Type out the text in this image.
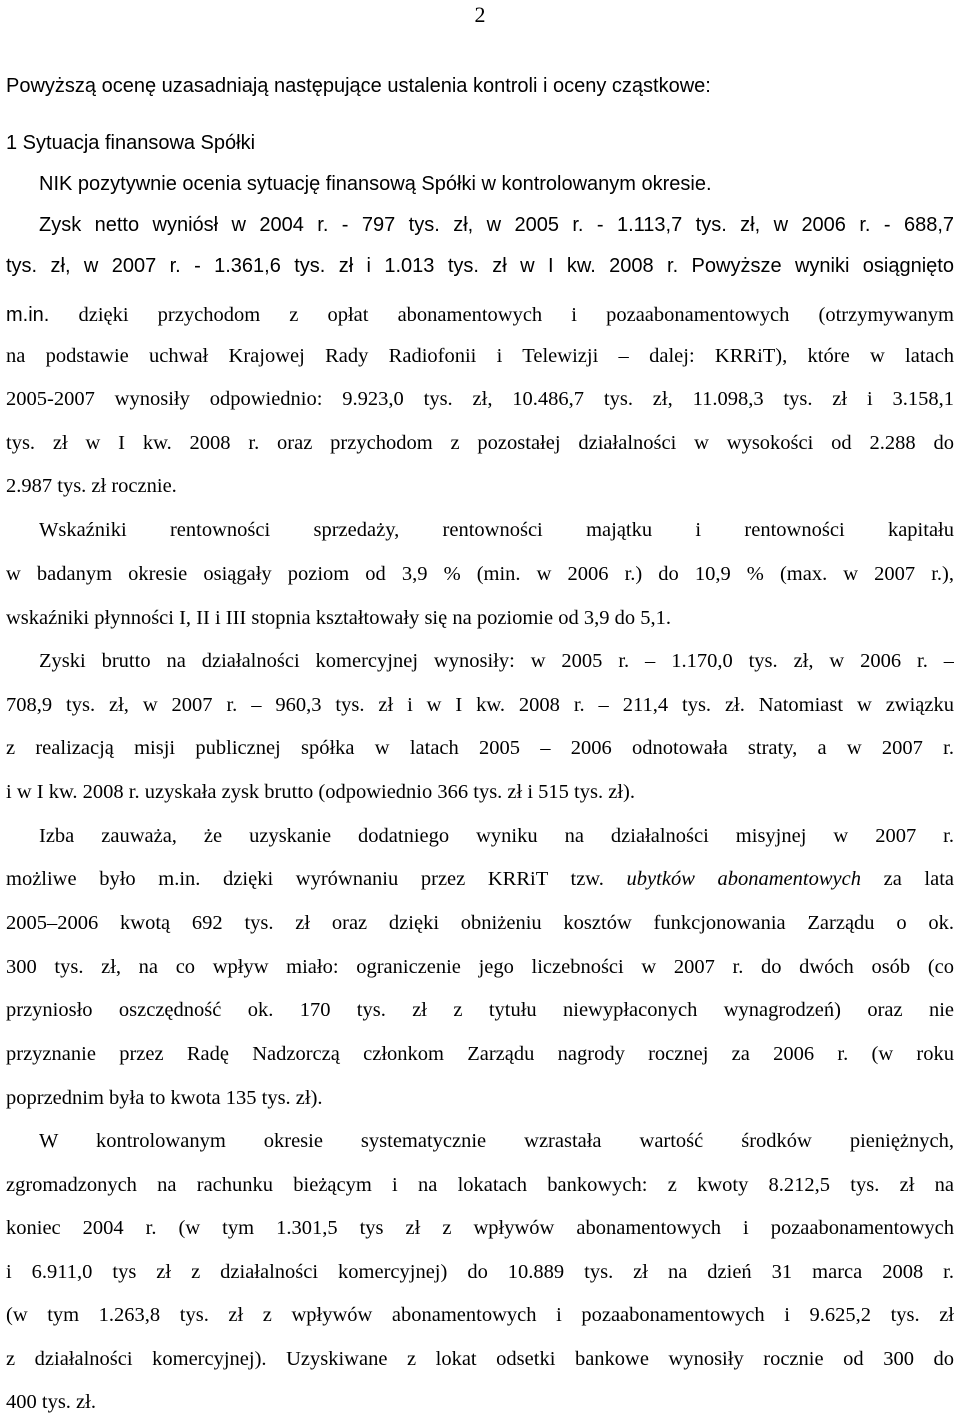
2
Powyższą ocenę uzasadniają następujące ustalenia kontroli i oceny cząstkowe:
1 Sytuacja finansowa Spółki
NIK pozytywnie ocenia sytuację finansową Spółki w kontrolowanym okresie.
Zysk netto wyniósł w 2004 r. - 797 tys. zł, w 2005 r. - 1.113,7 tys. zł, w 2006 r. - 688,7
tys. zł, w 2007 r. - 1.361,6 tys. zł i 1.013 tys. zł w I kw. 2008 r. Powyższe wyniki osiągnięto
m.in. dzięki przychodom z opłat abonamentowych i pozaabonamentowych (otrzymywanym
na podstawie uchwał Krajowej Rady Radiofonii i Telewizji – dalej: KRRiT), które w latach
2005-2007 wynosiły odpowiednio: 9.923,0 tys. zł, 10.486,7 tys. zł, 11.098,3 tys. zł i 3.158,1
tys. zł w I kw. 2008 r. oraz przychodom z pozostałej działalności w wysokości od 2.288 do
2.987 tys. zł rocznie.
Wskaźniki rentowności sprzedaży, rentowności majątku i rentowności kapitału
w badanym okresie osiągały poziom od 3,9 % (min. w 2006 r.) do 10,9 % (max. w 2007 r.),
wskaźniki płynności I, II i III stopnia kształtowały się na poziomie od 3,9 do 5,1.
Zyski brutto na działalności komercyjnej wynosiły: w 2005 r. – 1.170,0 tys. zł, w 2006 r. –
708,9 tys. zł, w 2007 r. – 960,3 tys. zł i w I kw. 2008 r. – 211,4 tys. zł. Natomiast w związku
z realizacją misji publicznej spółka w latach 2005 – 2006 odnotowała straty, a w 2007 r.
i w I kw. 2008 r. uzyskała zysk brutto (odpowiednio 366 tys. zł i 515 tys. zł).
Izba zauważa, że uzyskanie dodatniego wyniku na działalności misyjnej w 2007 r.
możliwe było m.in. dzięki wyrównaniu przez KRRiT tzw. ubytków abonamentowych za lata
2005–2006 kwotą 692 tys. zł oraz dzięki obniżeniu kosztów funkcjonowania Zarządu o ok.
300 tys. zł, na co wpływ miało: ograniczenie jego liczebności w 2007 r. do dwóch osób (co
przyniosło oszczędność ok. 170 tys. zł z tytułu niewypłaconych wynagrodzeń) oraz nie
przyznanie przez Radę Nadzorczą członkom Zarządu nagrody rocznej za 2006 r. (w roku
poprzednim była to kwota 135 tys. zł).
W kontrolowanym okresie systematycznie wzrastała wartość środków pieniężnych,
zgromadzonych na rachunku bieżącym i na lokatach bankowych: z kwoty 8.212,5 tys. zł na
koniec 2004 r. (w tym 1.301,5 tys zł z wpływów abonamentowych i pozaabonamentowych
i 6.911,0 tys zł z działalności komercyjnej) do 10.889 tys. zł na dzień 31 marca 2008 r.
(w tym 1.263,8 tys. zł z wpływów abonamentowych i pozaabonamentowych i 9.625,2 tys. zł
z działalności komercyjnej). Uzyskiwane z lokat odsetki bankowe wynosiły rocznie od 300 do
400 tys. zł.
